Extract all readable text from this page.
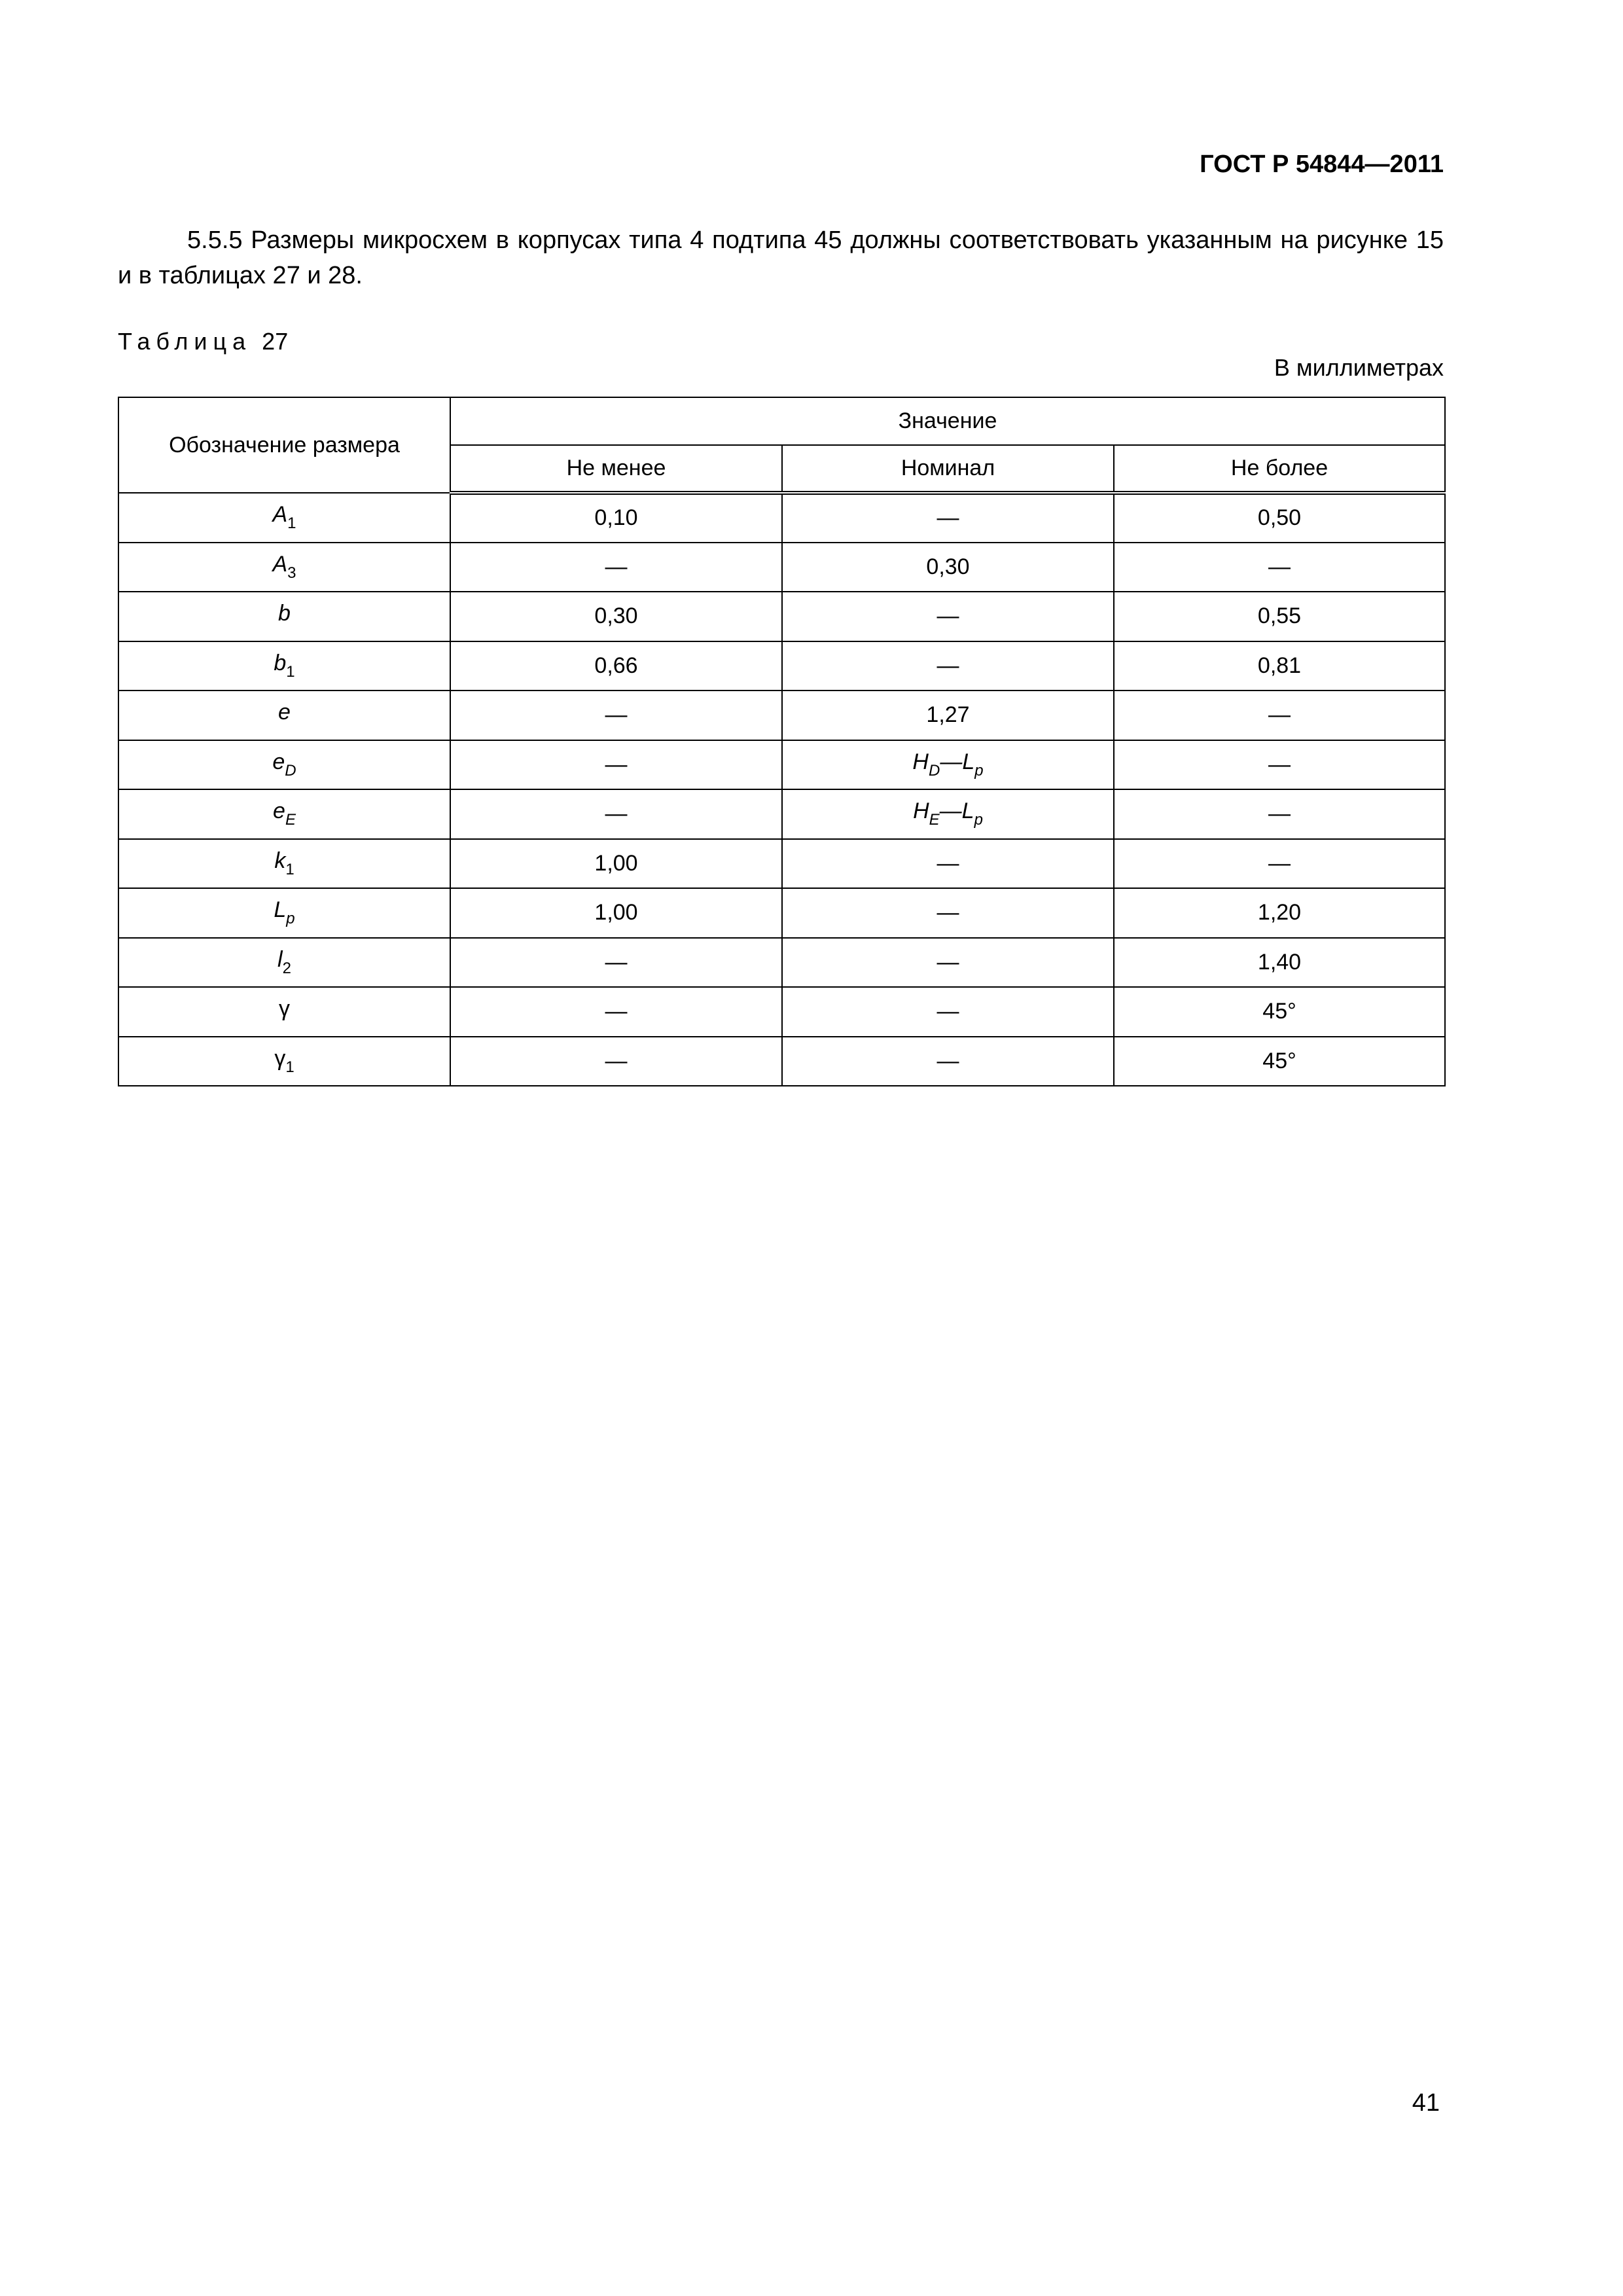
ГОСТ Р 54844—2011

5.5.5 Размеры микросхем в корпусах типа 4 подтипа 45 должны соответствовать указанным на рисунке 15 и в таблицах 27 и 28.

Таблица 27
В миллиметрах
Обозначение размера	Значение		
	Не менее	Номинал	Не более
$A_1$	0,10	—	0,50
$A_3$	—	0,30	—
b	0,30	—	0,55
$b_1$	0,66	—	0,81
e	—	1,27	—
$e_D$	—	$H_D—L_p$	—
$e_E$	—	$H_E—L_p$	—
$k_1$	1,00	—	—
$L_p$	1,00	—	1,20
$l_2$	—	—	1,40
γ	—	—	45°
$\gamma_1$	—	—	45°
41
